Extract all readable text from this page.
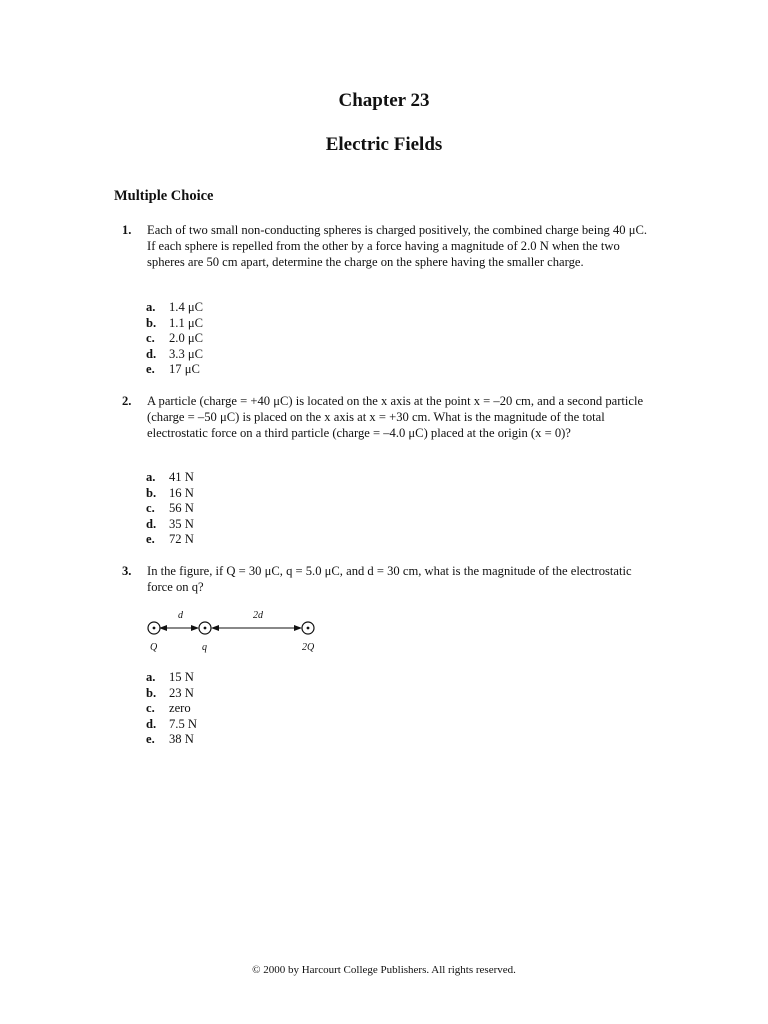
Chapter 23
Electric Fields
Multiple Choice
1. Each of two small non-conducting spheres is charged positively, the combined charge being 40 μC. If each sphere is repelled from the other by a force having a magnitude of 2.0 N when the two spheres are 50 cm apart, determine the charge on the sphere having the smaller charge.
a. 1.4 μC
b. 1.1 μC
c. 2.0 μC
d. 3.3 μC
e. 17 μC
2. A particle (charge = +40 μC) is located on the x axis at the point x = –20 cm, and a second particle (charge = –50 μC) is placed on the x axis at x = +30 cm. What is the magnitude of the total electrostatic force on a third particle (charge = –4.0 μC) placed at the origin (x = 0)?
a. 41 N
b. 16 N
c. 56 N
d. 35 N
e. 72 N
3. In the figure, if Q = 30 μC, q = 5.0 μC, and d = 30 cm, what is the magnitude of the electrostatic force on q?
d	2d
Q	q	2Q
a. 15 N
b. 23 N
c. zero
d. 7.5 N
e. 38 N
© 2000 by Harcourt College Publishers. All rights reserved.
